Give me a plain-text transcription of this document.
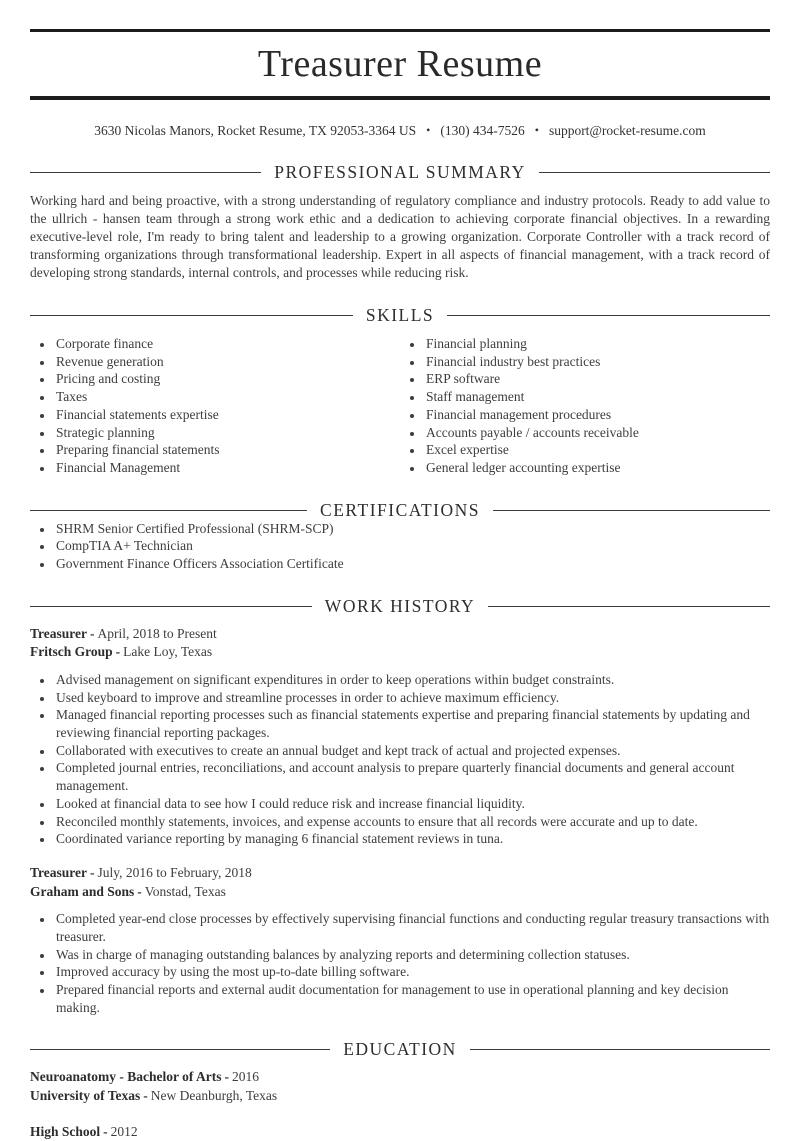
Treasurer Resume
3630 Nicolas Manors, Rocket Resume, TX 92053-3364 US • (130) 434-7526 • support@rocket-resume.com
PROFESSIONAL SUMMARY

Working hard and being proactive, with a strong understanding of regulatory compliance and industry protocols. Ready to add value to the ullrich - hansen team through a strong work ethic and a dedication to achieving corporate financial objectives. In a rewarding executive-level role, I'm ready to bring talent and leadership to a growing organization. Corporate Controller with a track record of transforming organizations through transformational leadership. Expert in all aspects of financial management, with a track record of developing strong standards, internal controls, and processes while reducing risk.

SKILLS
• Corporate finance
• Revenue generation
• Pricing and costing
• Taxes
• Financial statements expertise
• Strategic planning
• Preparing financial statements
• Financial Management
• Financial planning
• Financial industry best practices
• ERP software
• Staff management
• Financial management procedures
• Accounts payable / accounts receivable
• Excel expertise
• General ledger accounting expertise
CERTIFICATIONS
• SHRM Senior Certified Professional (SHRM-SCP)
• CompTIA A+ Technician
• Government Finance Officers Association Certificate
WORK HISTORY
Treasurer - April, 2018 to Present
Fritsch Group - Lake Loy, Texas
• Advised management on significant expenditures in order to keep operations within budget constraints.
• Used keyboard to improve and streamline processes in order to achieve maximum efficiency.
• Managed financial reporting processes such as financial statements expertise and preparing financial statements by updating and reviewing financial reporting packages.
• Collaborated with executives to create an annual budget and kept track of actual and projected expenses.
• Completed journal entries, reconciliations, and account analysis to prepare quarterly financial documents and general account management.
• Looked at financial data to see how I could reduce risk and increase financial liquidity.
• Reconciled monthly statements, invoices, and expense accounts to ensure that all records were accurate and up to date.
• Coordinated variance reporting by managing 6 financial statement reviews in tuna.
Treasurer - July, 2016 to February, 2018
Graham and Sons - Vonstad, Texas
• Completed year-end close processes by effectively supervising financial functions and conducting regular treasury transactions with treasurer.
• Was in charge of managing outstanding balances by analyzing reports and determining collection statuses.
• Improved accuracy by using the most up-to-date billing software.
• Prepared financial reports and external audit documentation for management to use in operational planning and key decision making.
EDUCATION
Neuroanatomy - Bachelor of Arts - 2016
University of Texas - New Deanburgh, Texas
High School - 2012
